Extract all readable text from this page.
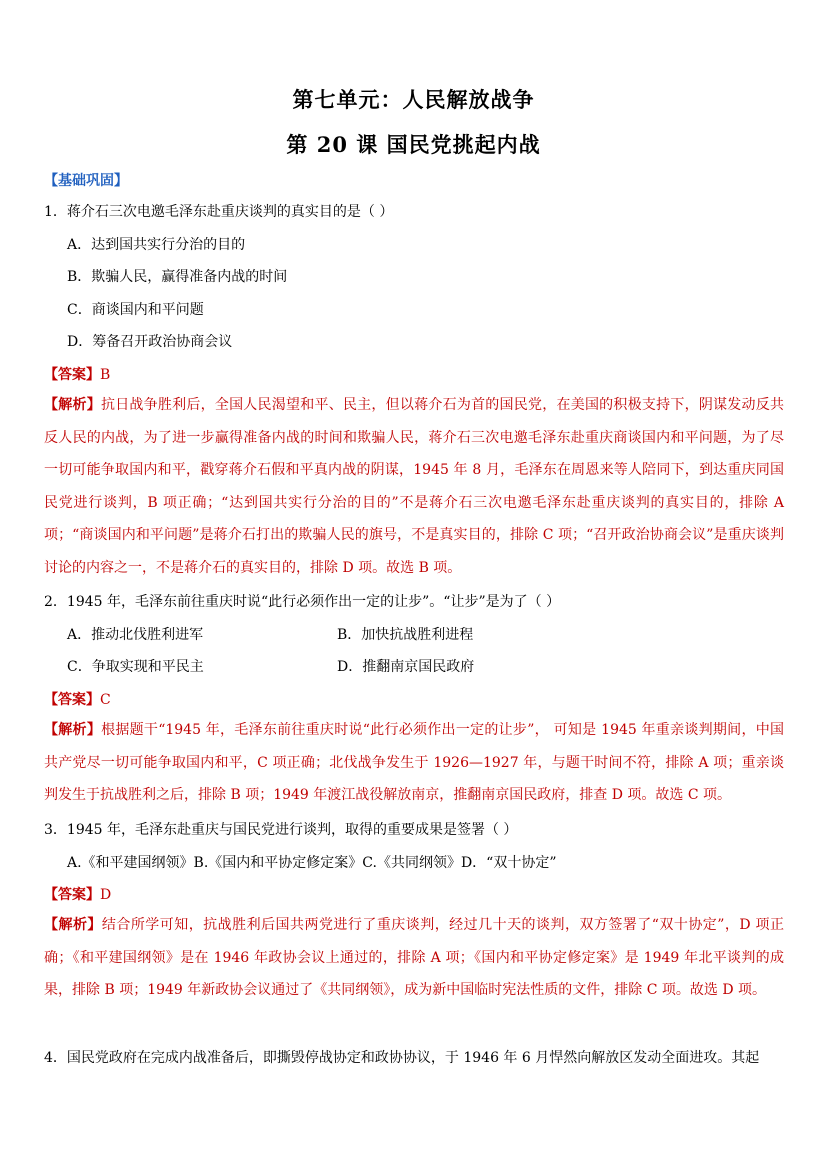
第七单元：人民解放战争
第 20 课 国民党挑起内战
【基础巩固】
1．蒋介石三次电邀毛泽东赴重庆谈判的真实目的是（ ）
A．达到国共实行分治的目的
B．欺骗人民，赢得准备内战的时间
C．商谈国内和平问题
D．筹备召开政治协商会议
【答案】B
【解析】抗日战争胜利后，全国人民渴望和平、民主，但以蒋介石为首的国民党，在美国的积极支持下，阴谋发动反共反人民的内战，为了进一步赢得准备内战的时间和欺骗人民，蒋介石三次电邀毛泽东赴重庆商谈国内和平问题，为了尽一切可能争取国内和平，戳穿蒋介石假和平真内战的阴谋，1945 年 8 月，毛泽东在周恩来等人陪同下，到达重庆同国民党进行谈判，B 项正确；“达到国共实行分治的目的”不是蒋介石三次电邀毛泽东赴重庆谈判的真实目的，排除 A 项；“商谈国内和平问题”是蒋介石打出的欺骗人民的旗号，不是真实目的，排除 C 项；“召开政治协商会议”是重庆谈判讨论的内容之一，不是蒋介石的真实目的，排除 D 项。故选 B 项。
2．1945 年，毛泽东前往重庆时说“此行必须作出一定的让步”。“让步”是为了（ ）
A．推动北伐胜利进军	B．加快抗战胜利进程
C．争取实现和平民主	D．推翻南京国民政府
【答案】C
【解析】根据题干“1945 年，毛泽东前往重庆时说“此行必须作出一定的让步”， 可知是 1945 年重亲谈判期间，中国共产党尽一切可能争取国内和平，C 项正确；北伐战争发生于 1926—1927 年，与题干时间不符，排除 A 项；重亲谈判发生于抗战胜利之后，排除 B 项；1949 年渡江战役解放南京，推翻南京国民政府，排查 D 项。故选 C 项。
3．1945 年，毛泽东赴重庆与国民党进行谈判，取得的重要成果是签署（ ）
A.《和平建国纲领》B.《国内和平协定修定案》C.《共同纲领》D．“双十协定”
【答案】D
【解析】结合所学可知，抗战胜利后国共两党进行了重庆谈判，经过几十天的谈判，双方签署了“双十协定”，D 项正确；《和平建国纲领》是在 1946 年政协会议上通过的，排除 A 项；《国内和平协定修定案》是 1949 年北平谈判的成果，排除 B 项；1949 年新政协会议通过了《共同纲领》，成为新中国临时宪法性质的文件，排除 C 项。故选 D 项。
4．国民党政府在完成内战准备后，即撕毁停战协定和政协协议，于 1946 年 6 月悍然向解放区发动全面进攻。其起
